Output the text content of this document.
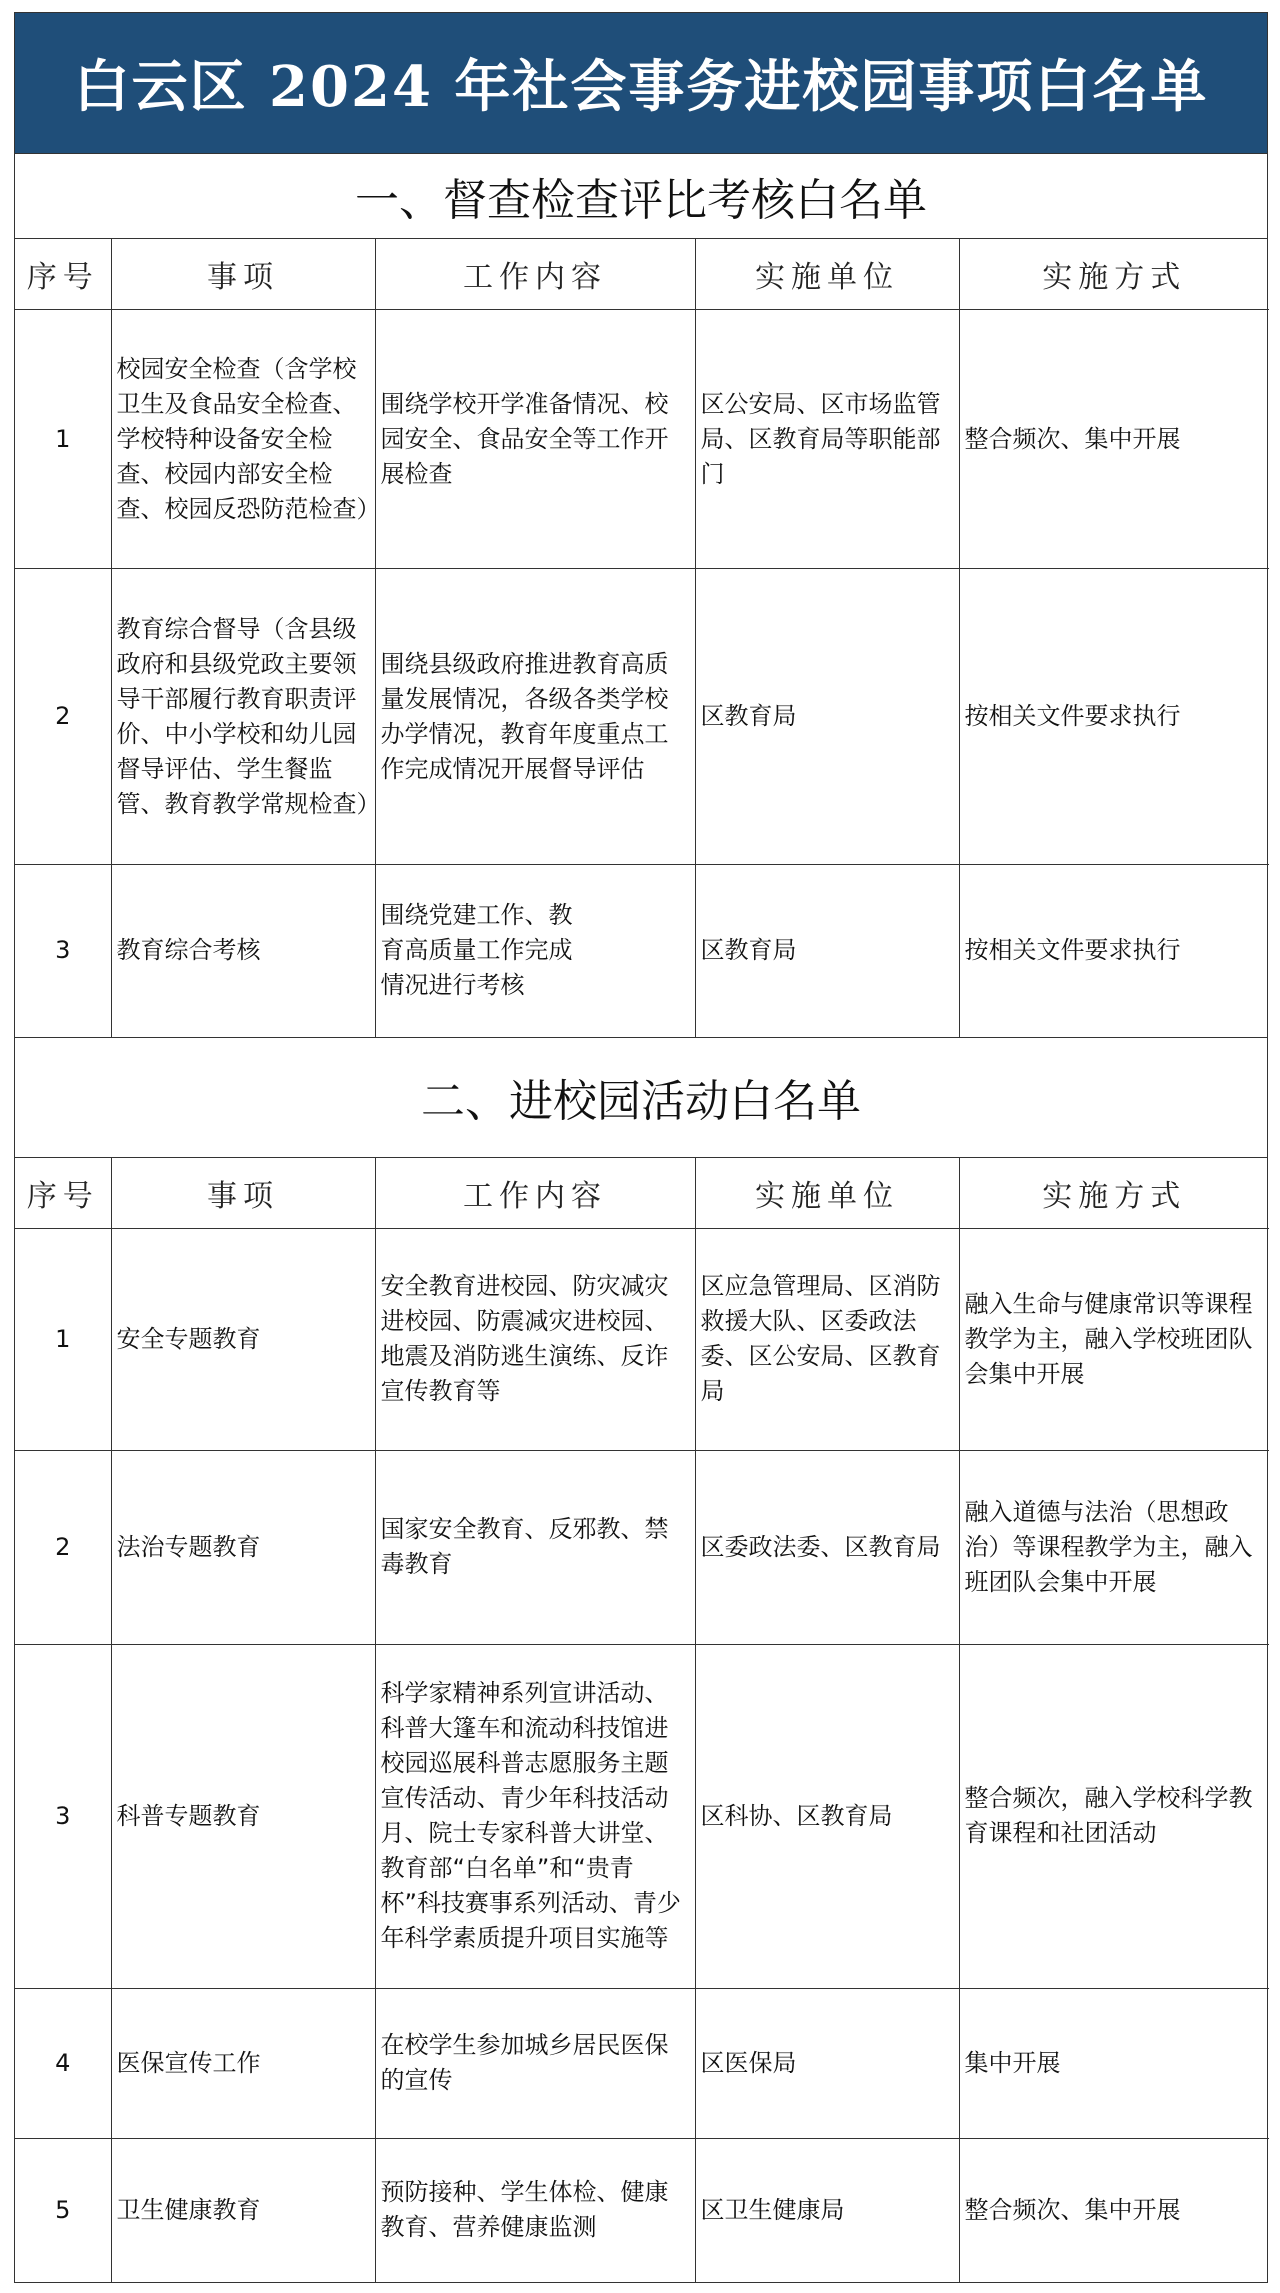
白云区 2024 年社会事务进校园事项白名单
一、督查检查评比考核白名单
序号	事项	工作内容	实施单位	实施方式
1	校园安全检查（含学校卫生及食品安全检查、学校特种设备安全检查、校园内部安全检查、校园反恐防范检查）	围绕学校开学准备情况、校园安全、食品安全等工作开展检查	区公安局、区市场监管局、区教育局等职能部门	整合频次、集中开展
2	教育综合督导（含县级政府和县级党政主要领导干部履行教育职责评价、中小学校和幼儿园督导评估、学生餐监管、教育教学常规检查）	围绕县级政府推进教育高质量发展情况，各级各类学校办学情况，教育年度重点工作完成情况开展督导评估	区教育局	按相关文件要求执行
3	教育综合考核	围绕党建工作、教育高质量工作完成情况进行考核	区教育局	按相关文件要求执行
二、进校园活动白名单
序号	事项	工作内容	实施单位	实施方式
1	安全专题教育	安全教育进校园、防灾减灾进校园、防震减灾进校园、地震及消防逃生演练、反诈宣传教育等	区应急管理局、区消防救援大队、区委政法委、区公安局、区教育局	融入生命与健康常识等课程教学为主，融入学校班团队会集中开展
2	法治专题教育	国家安全教育、反邪教、禁毒教育	区委政法委、区教育局	融入道德与法治（思想政治）等课程教学为主，融入班团队会集中开展
3	科普专题教育	科学家精神系列宣讲活动、科普大篷车和流动科技馆进校园巡展科普志愿服务主题宣传活动、青少年科技活动月、院士专家科普大讲堂、教育部“白名单”和“贵青杯”科技赛事系列活动、青少年科学素质提升项目实施等	区科协、区教育局	整合频次，融入学校科学教育课程和社团活动
4	医保宣传工作	在校学生参加城乡居民医保的宣传	区医保局	集中开展
5	卫生健康教育	预防接种、学生体检、健康教育、营养健康监测	区卫生健康局	整合频次、集中开展
